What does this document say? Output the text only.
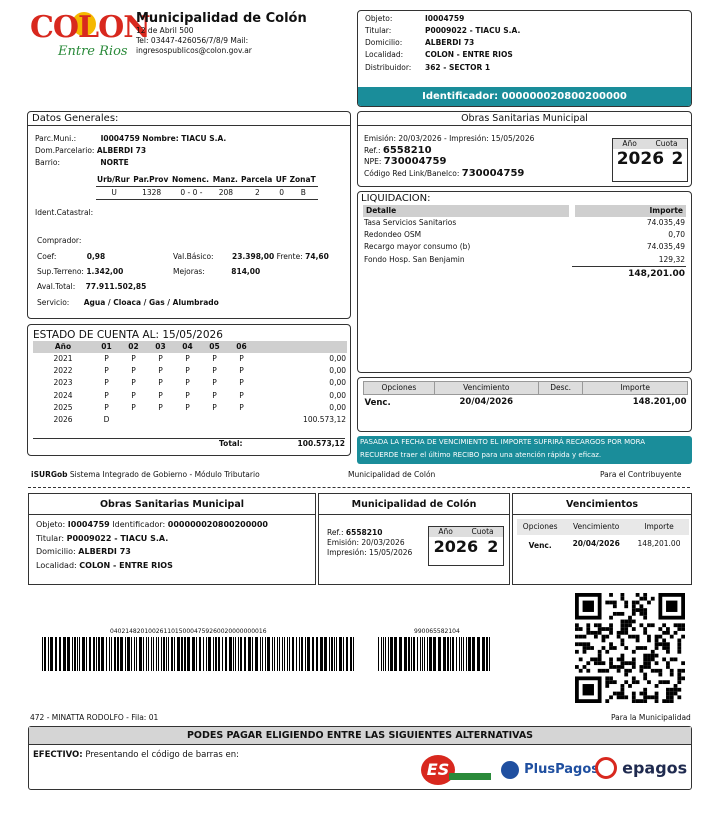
COLON
Entre Rios
Municipalidad de Colón
12 de Abril 500
Tel: 03447-426056/7/8/9 Mail:
ingresospublicos@colon.gov.ar
Objeto:	I0004759
Titular:	P0009022 - TIACU S.A.
Domicilio:	ALBERDI 73
Localidad:	COLON - ENTRE RIOS
Distribuidor:	362 - SECTOR 1
Identificador: 000000020800200000
Datos Generales:
Parc.Muni.:	I0004759 Nombre: TIACU S.A.
Dom.Parcelario: ALBERDI 73
Barrio:	NORTE
Urb/Rur	Par.Prov	Nomenc.	Manz.	Parcela	UF	ZonaT
U	1328	0 - 0 -	208	2	0	B
Ident.Catastral:
Comprador:
Coef:	0,98	Val.Básico: 23.398,00 Frente: 74,60
Sup.Terreno: 1.342,00	Mejoras:	814,00
Aval.Total: 77.911.502,85
Servicio: Agua / Cloaca / Gas / Alumbrado
Obras Sanitarias Municipal
Emisión: 20/03/2026 - Impresión: 15/05/2026
Ref.: 6558210
NPE: 730004759
Código Red Link/Banelco: 730004759
Año Cuota
2026 2
LIQUIDACION:
Detalle	Importe
Tasa Servicios Sanitarios	74.035,49
Redondeo OSM	0,70
Recargo mayor consumo (b)	74.035,49
Fondo Hosp. San Benjamin	129,32
	148,201.00
ESTADO DE CUENTA AL: 15/05/2026
Año	01	02	03	04	05	06	
2021	P	P	P	P	P	P	0,00
2022	P	P	P	P	P	P	0,00
2023	P	P	P	P	P	P	0,00
2024	P	P	P	P	P	P	0,00
2025	P	P	P	P	P	P	0,00
2026	D						100.573,12
Total:	100.573,12
Opciones	Vencimiento	Desc.	Importe
Venc.	20/04/2026		148.201,00
PASADA LA FECHA DE VENCIMIENTO EL IMPORTE SUFRIRÁ RECARGOS POR MORA
RECUERDE traer el último RECIBO para una atención rápida y eficaz.
iSURGob Sistema Integrado de Gobierno - Módulo Tributario	Municipalidad de Colón	Para el Contribuyente
Obras Sanitarias Municipal
Objeto: I0004759 Identificador: 000000020800200000
Titular: P0009022 - TIACU S.A.
Domicilio: ALBERDI 73
Localidad: COLON - ENTRE RIOS
Municipalidad de Colón
Ref.: 6558210
Emisión: 20/03/2026
Impresión: 15/05/2026
Año Cuota
2026 2
Vencimientos
Opciones	Vencimiento	Importe
Venc.	20/04/2026	148,201.00
04021482010026110150004759260020000000016	990065582104
472 - MINATTA RODOLFO - Fila: 01	Para la Municipalidad
PODES PAGAR ELIGIENDO ENTRE LAS SIGUIENTES ALTERNATIVAS
EFECTIVO: Presentando el código de barras en:
ES	PlusPagos	epagos
